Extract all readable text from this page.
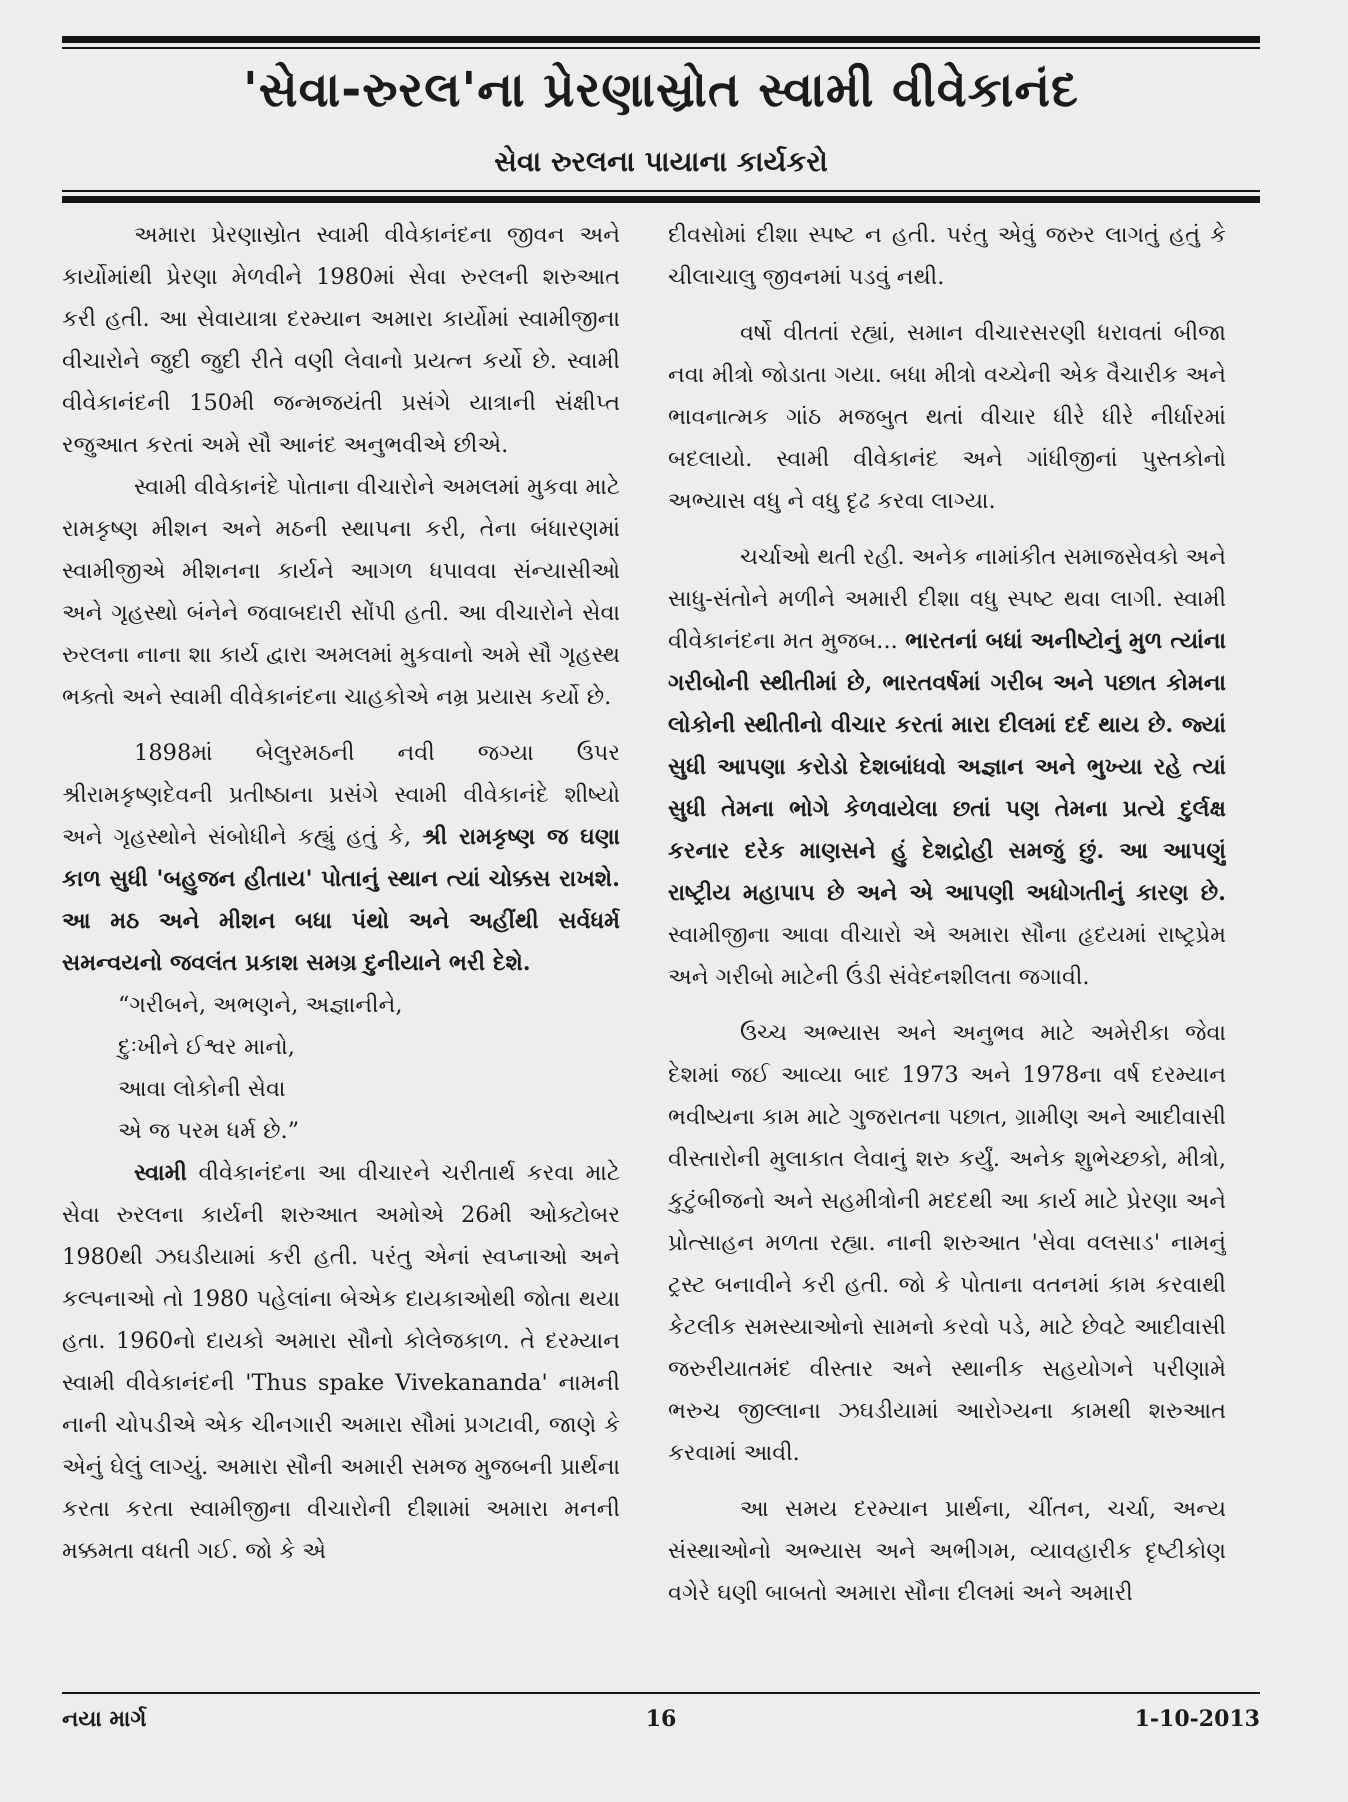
'સેવા-રુરલ'ના પ્રેરણાસ્રોત સ્વામી વીવેકાનંદ
સેવા રુરલના પાયાના કાર્યકરો

અમારા પ્રેરણાસ્રોત સ્વામી વીવેકાનંદના જીવન અને કાર્યોમાંથી પ્રેરણા મેળવીને 1980માં સેવા રુરલની શરુઆત કરી હતી. આ સેવાયાત્રા દરમ્યાન અમારા કાર્યોમાં સ્વામીજીના વીચારોને જુદી જુદી રીતે વણી લેવાનો પ્રયત્ન કર્યો છે. સ્વામી વીવેકાનંદની 150મી જન્મજયંતી પ્રસંગે યાત્રાની સંક્ષીપ્ત રજુઆત કરતાં અમે સૌ આનંદ અનુભવીએ છીએ.

સ્વામી વીવેકાનંદે પોતાના વીચારોને અમલમાં મુકવા માટે રામકૃષ્ણ મીશન અને મઠની સ્થાપના કરી, તેના બંધારણમાં સ્વામીજીએ મીશનના કાર્યને આગળ ધપાવવા સંન્યાસીઓ અને ગૃહસ્થો બંનેને જવાબદારી સોંપી હતી. આ વીચારોને સેવા રુરલના નાના શા કાર્ય દ્વારા અમલમાં મુકવાનો અમે સૌ ગૃહસ્થ ભક્તો અને સ્વામી વીવેકાનંદના ચાહકોએ નમ્ર પ્રયાસ કર્યો છે.

1898માં બેલુરમઠની નવી જગ્યા ઉપર શ્રીરામકૃષ્ણદેવની પ્રતીષ્ઠાના પ્રસંગે સ્વામી વીવેકાનંદે શીષ્યો અને ગૃહસ્થોને સંબોધીને કહ્યું હતું કે, શ્રી રામકૃષ્ણ જ ઘણા કાળ સુધી 'બહુજન હીતાય' પોતાનું સ્થાન ત્યાં ચોક્કસ રાખશે. આ મઠ અને મીશન બધા પંથો અને અહીંથી સર્વધર્મ સમન્વયનો જવલંત પ્રકાશ સમગ્ર દુનીયાને ભરી દેશે.

“ગરીબને, અભણને, અજ્ઞાનીને,
દુઃખીને ઈશ્વર માનો,
આવા લોકોની સેવા
એ જ પરમ ધર્મ છે.”

સ્વામી વીવેકાનંદના આ વીચારને ચરીતાર્થ કરવા માટે સેવા રુરલના કાર્યની શરુઆત અમોએ 26મી ઓક્ટોબર 1980થી ઝઘડીયામાં કરી હતી. પરંતુ એનાં સ્વપ્નાઓ અને કલ્પનાઓ તો 1980 પહેલાંના બેએક દાયકાઓથી જોતા થયા હતા. 1960નો દાયકો અમારા સૌનો કોલેજકાળ. તે દરમ્યાન સ્વામી વીવેકાનંદની 'Thus spake Vivekananda' નામની નાની ચોપડીએ એક ચીનગારી અમારા સૌમાં પ્રગટાવી, જાણે કે એનું ઘેલું લાગ્યું. અમારા સૌની અમારી સમજ મુજબની પ્રાર્થના કરતા કરતા સ્વામીજીના વીચારોની દીશામાં અમારા મનની મક્કમતા વધતી ગઈ. જો કે એ

દીવસોમાં દીશા સ્પષ્ટ ન હતી. પરંતુ એવું જરુર લાગતું હતું કે ચીલાચાલુ જીવનમાં પડવું નથી.

વર્ષો વીતતાં રહ્યાં, સમાન વીચારસરણી ધરાવતાં બીજા નવા મીત્રો જોડાતા ગયા. બધા મીત્રો વચ્ચેની એક વૈચારીક અને ભાવનાત્મક ગાંઠ મજબુત થતાં વીચાર ધીરે ધીરે નીર્ધારમાં બદલાયો. સ્વામી વીવેકાનંદ અને ગાંધીજીનાં પુસ્તકોનો અભ્યાસ વધુ ને વધુ દૃઢ કરવા લાગ્યા.

ચર્ચાઓ થતી રહી. અનેક નામાંકીત સમાજસેવકો અને સાધુ-સંતોને મળીને અમારી દીશા વધુ સ્પષ્ટ થવા લાગી. સ્વામી વીવેકાનંદના મત મુજબ... ભારતનાં બધાં અનીષ્ટોનું મુળ ત્યાંના ગરીબોની સ્થીતીમાં છે, ભારતવર્ષમાં ગરીબ અને પછાત કોમના લોકોની સ્થીતીનો વીચાર કરતાં મારા દીલમાં દર્દ થાય છે. જ્યાં સુધી આપણા કરોડો દેશબાંધવો અજ્ઞાન અને ભુખ્યા રહે ત્યાં સુધી તેમના ભોગે કેળવાયેલા છતાં પણ તેમના પ્રત્યે દુર્લક્ષ કરનાર દરેક માણસને હું દેશદ્રોહી સમજું છું. આ આપણું રાષ્ટ્રીય મહાપાપ છે અને એ આપણી અધોગતીનું કારણ છે. સ્વામીજીના આવા વીચારો એ અમારા સૌના હૃદયમાં રાષ્ટ્રપ્રેમ અને ગરીબો માટેની ઉંડી સંવેદનશીલતા જગાવી.

ઉચ્ચ અભ્યાસ અને અનુભવ માટે અમેરીકા જેવા દેશમાં જઈ આવ્યા બાદ 1973 અને 1978ના વર્ષ દરમ્યાન ભવીષ્યના કામ માટે ગુજરાતના પછાત, ગ્રામીણ અને આદીવાસી વીસ્તારોની મુલાકાત લેવાનું શરુ કર્યું. અનેક શુભેચ્છકો, મીત્રો, કુટુંબીજનો અને સહમીત્રોની મદદથી આ કાર્ય માટે પ્રેરણા અને પ્રોત્સાહન મળતા રહ્યા. નાની શરુઆત 'સેવા વલસાડ' નામનું ટ્રસ્ટ બનાવીને કરી હતી. જો કે પોતાના વતનમાં કામ કરવાથી કેટલીક સમસ્યાઓનો સામનો કરવો પડે, માટે છેવટે આદીવાસી જરુરીયાતમંદ વીસ્તાર અને સ્થાનીક સહયોગને પરીણામે ભરુચ જીલ્લાના ઝઘડીયામાં આરોગ્યના કામથી શરુઆત કરવામાં આવી.

આ સમય દરમ્યાન પ્રાર્થના, ચીંતન, ચર્ચા, અન્ય સંસ્થાઓનો અભ્યાસ અને અભીગમ, વ્યાવહારીક દૃષ્ટીકોણ વગેરે ઘણી બાબતો અમારા સૌના દીલમાં અને અમારી

નયા માર્ગ	16	1-10-2013
